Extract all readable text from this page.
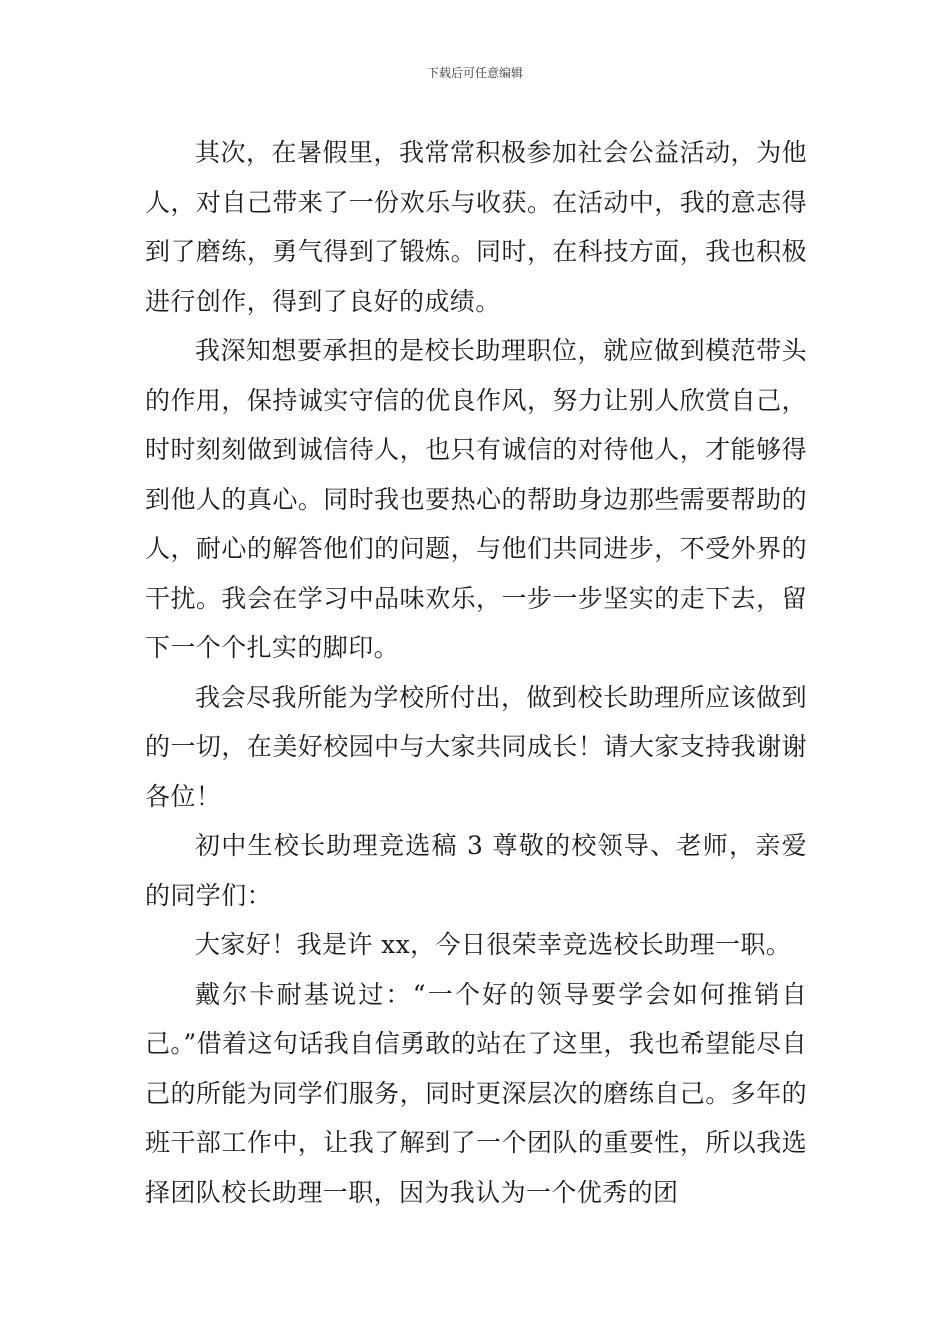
下载后可任意编辑

其次，在暑假里，我常常积极参加社会公益活动，为他人，对自己带来了一份欢乐与收获。在活动中，我的意志得到了磨练，勇气得到了锻炼。同时，在科技方面，我也积极进行创作，得到了良好的成绩。

我深知想要承担的是校长助理职位，就应做到模范带头的作用，保持诚实守信的优良作风，努力让别人欣赏自己，时时刻刻做到诚信待人，也只有诚信的对待他人，才能够得到他人的真心。同时我也要热心的帮助身边那些需要帮助的人，耐心的解答他们的问题，与他们共同进步，不受外界的干扰。我会在学习中品味欢乐，一步一步坚实的走下去，留下一个个扎实的脚印。

我会尽我所能为学校所付出，做到校长助理所应该做到的一切，在美好校园中与大家共同成长！请大家支持我谢谢各位！

初中生校长助理竞选稿 3 尊敬的校领导、老师，亲爱的同学们：

大家好！我是许 xx，今日很荣幸竞选校长助理一职。

戴尔卡耐基说过：“一个好的领导要学会如何推销自己。”借着这句话我自信勇敢的站在了这里，我也希望能尽自己的所能为同学们服务，同时更深层次的磨练自己。多年的班干部工作中，让我了解到了一个团队的重要性，所以我选择团队校长助理一职，因为我认为一个优秀的团
